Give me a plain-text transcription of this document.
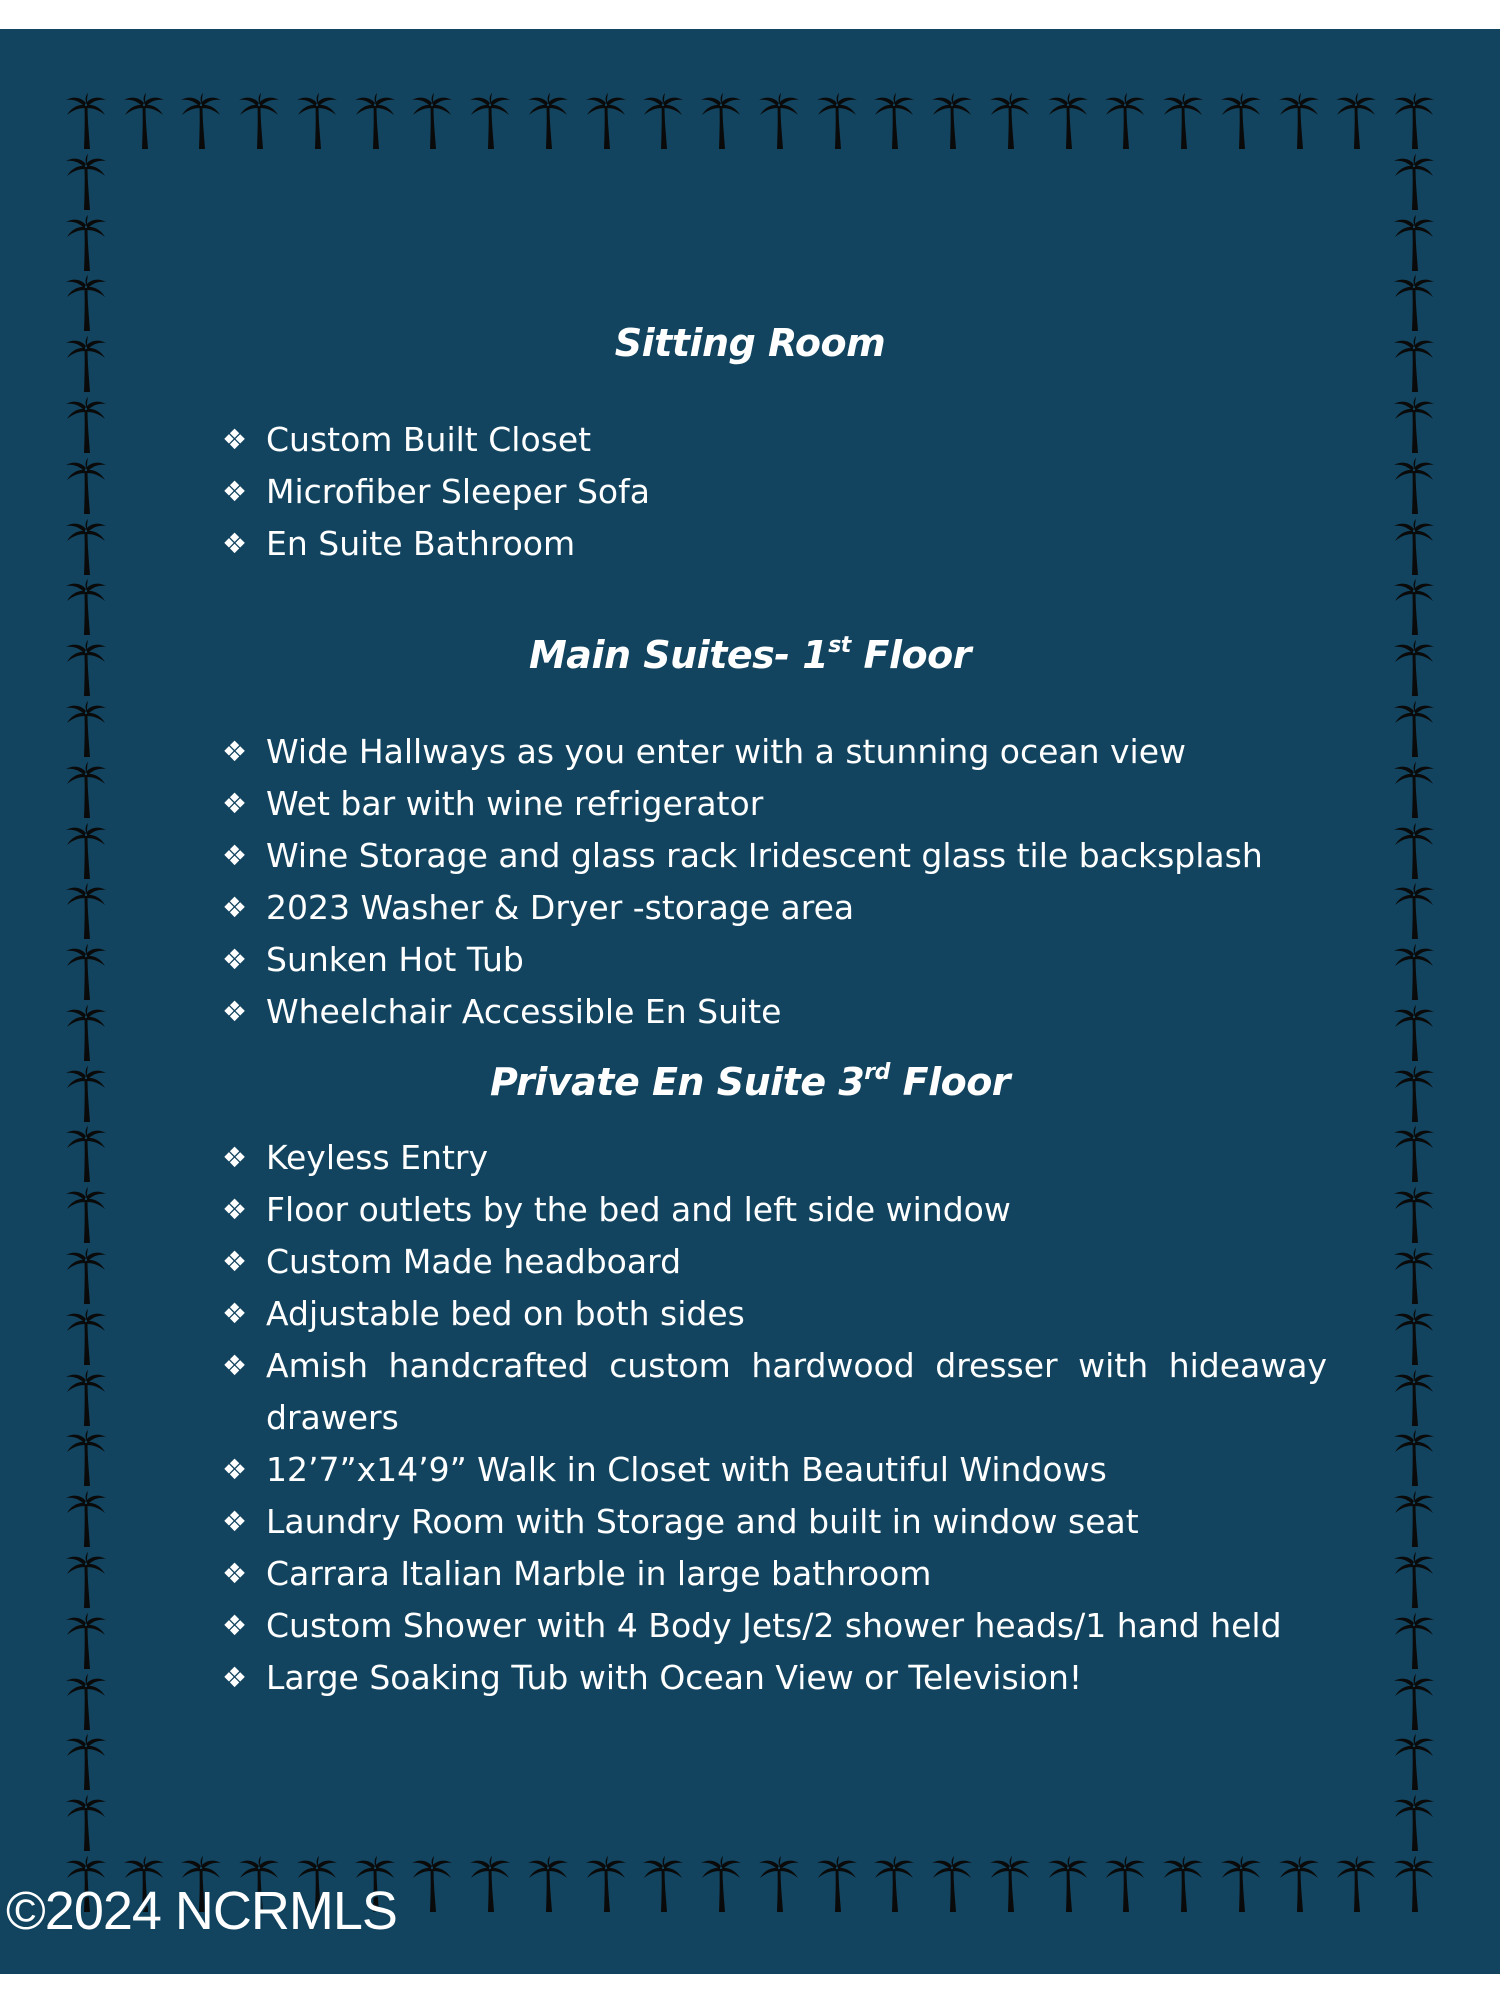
Sitting Room
❖ Custom Built Closet
❖ Microfiber Sleeper Sofa
❖ En Suite Bathroom
Main Suites- 1st Floor
❖ Wide Hallways as you enter with a stunning ocean view
❖ Wet bar with wine refrigerator
❖ Wine Storage and glass rack Iridescent glass tile backsplash
❖ 2023 Washer & Dryer -storage area
❖ Sunken Hot Tub
❖ Wheelchair Accessible En Suite
Private En Suite 3rd Floor
❖ Keyless Entry
❖ Floor outlets by the bed and left side window
❖ Custom Made headboard
❖ Adjustable bed on both sides
❖ Amish handcrafted custom hardwood dresser with hideaway drawers
❖ 12’7”x14’9” Walk in Closet with Beautiful Windows
❖ Laundry Room with Storage and built in window seat
❖ Carrara Italian Marble in large bathroom
❖ Custom Shower with 4 Body Jets/2 shower heads/1 hand held
❖ Large Soaking Tub with Ocean View or Television!
©2024 NCRMLS
